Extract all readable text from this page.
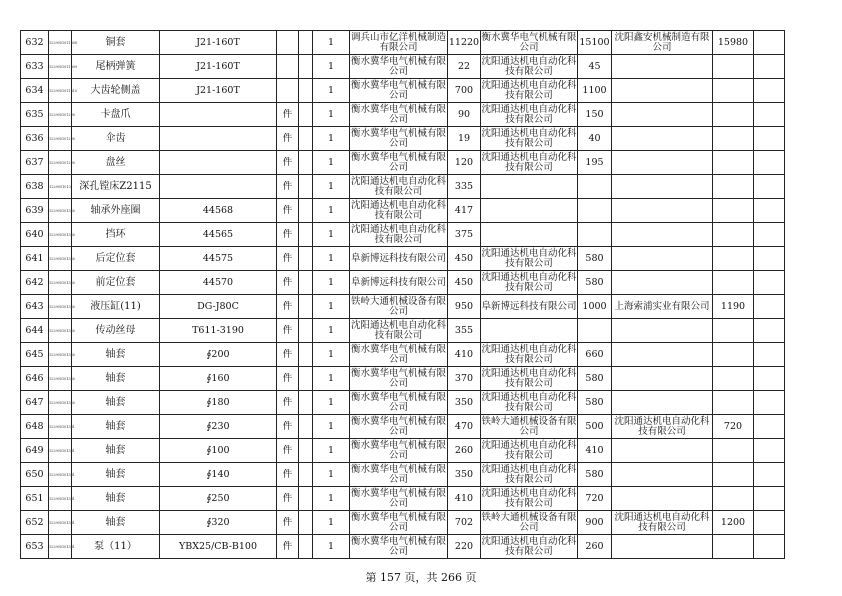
632	1229001011808	铜套	J21-160T			1	调兵山市亿洋机械制造有限公司	11220	衡水冀华电气机械有限公司	15100	沈阳鑫安机械制造有限公司	15980	
633	1229001011809	尾柄弹簧	J21-160T			1	衡水冀华电气机械有限公司	22	沈阳通达机电自动化科技有限公司	45			
634	1229001011810	大齿轮侧盖	J21-160T			1	衡水冀华电气机械有限公司	700	沈阳通达机电自动化科技有限公司	1100			
635	122900101290	卡盘爪		件		1	衡水冀华电气机械有限公司	90	沈阳通达机电自动化科技有限公司	150			
636	122900101290	伞齿		件		1	衡水冀华电气机械有限公司	19	沈阳通达机电自动化科技有限公司	40			
637	122900101290	盘丝		件		1	衡水冀华电气机械有限公司	120	沈阳通达机电自动化科技有限公司	195			
638	1229001013	深孔镗床Z2115		件		1	沈阳通达机电自动化科技有限公司	335					
639	122900101380	轴承外座圈	44568	件		1	沈阳通达机电自动化科技有限公司	417					
640	122900101380	挡环	44565	件		1	沈阳通达机电自动化科技有限公司	375					
641	122900101380	后定位套	44575	件		1	阜新博远科技有限公司	450	沈阳通达机电自动化科技有限公司	580			
642	122900101380	前定位套	44570	件		1	阜新博远科技有限公司	450	沈阳通达机电自动化科技有限公司	580			
643	122900101380	液压缸(11)	DG-J80C	件		1	铁岭大通机械设备有限公司	950	阜新博远科技有限公司	1000	上海索浦实业有限公司	1190	
644	122900101380	传动丝母	T611-3190	件		1	沈阳通达机电自动化科技有限公司	355					
645	122900101380	轴套	∮200	件		1	衡水冀华电气机械有限公司	410	沈阳通达机电自动化科技有限公司	660			
646	122900101380	轴套	∮160	件		1	衡水冀华电气机械有限公司	370	沈阳通达机电自动化科技有限公司	580			
647	122900101380	轴套	∮180	件		1	衡水冀华电气机械有限公司	350	沈阳通达机电自动化科技有限公司	580			
648	122900101381	轴套	∮230	件		1	衡水冀华电气机械有限公司	470	铁岭大通机械设备有限公司	500	沈阳通达机电自动化科技有限公司	720	
649	122900101381	轴套	∮100	件		1	衡水冀华电气机械有限公司	260	沈阳通达机电自动化科技有限公司	410			
650	122900101381	轴套	∮140	件		1	衡水冀华电气机械有限公司	350	沈阳通达机电自动化科技有限公司	580			
651	122900101381	轴套	∮250	件		1	衡水冀华电气机械有限公司	410	沈阳通达机电自动化科技有限公司	720			
652	122900101381	轴套	∮320	件		1	衡水冀华电气机械有限公司	702	铁岭大通机械设备有限公司	900	沈阳通达机电自动化科技有限公司	1200	
653	122900101381	泵（11）	YBX25/CB-B100	件		1	衡水冀华电气机械有限公司	220	沈阳通达机电自动化科技有限公司	260			
第 157 页，共 266 页
